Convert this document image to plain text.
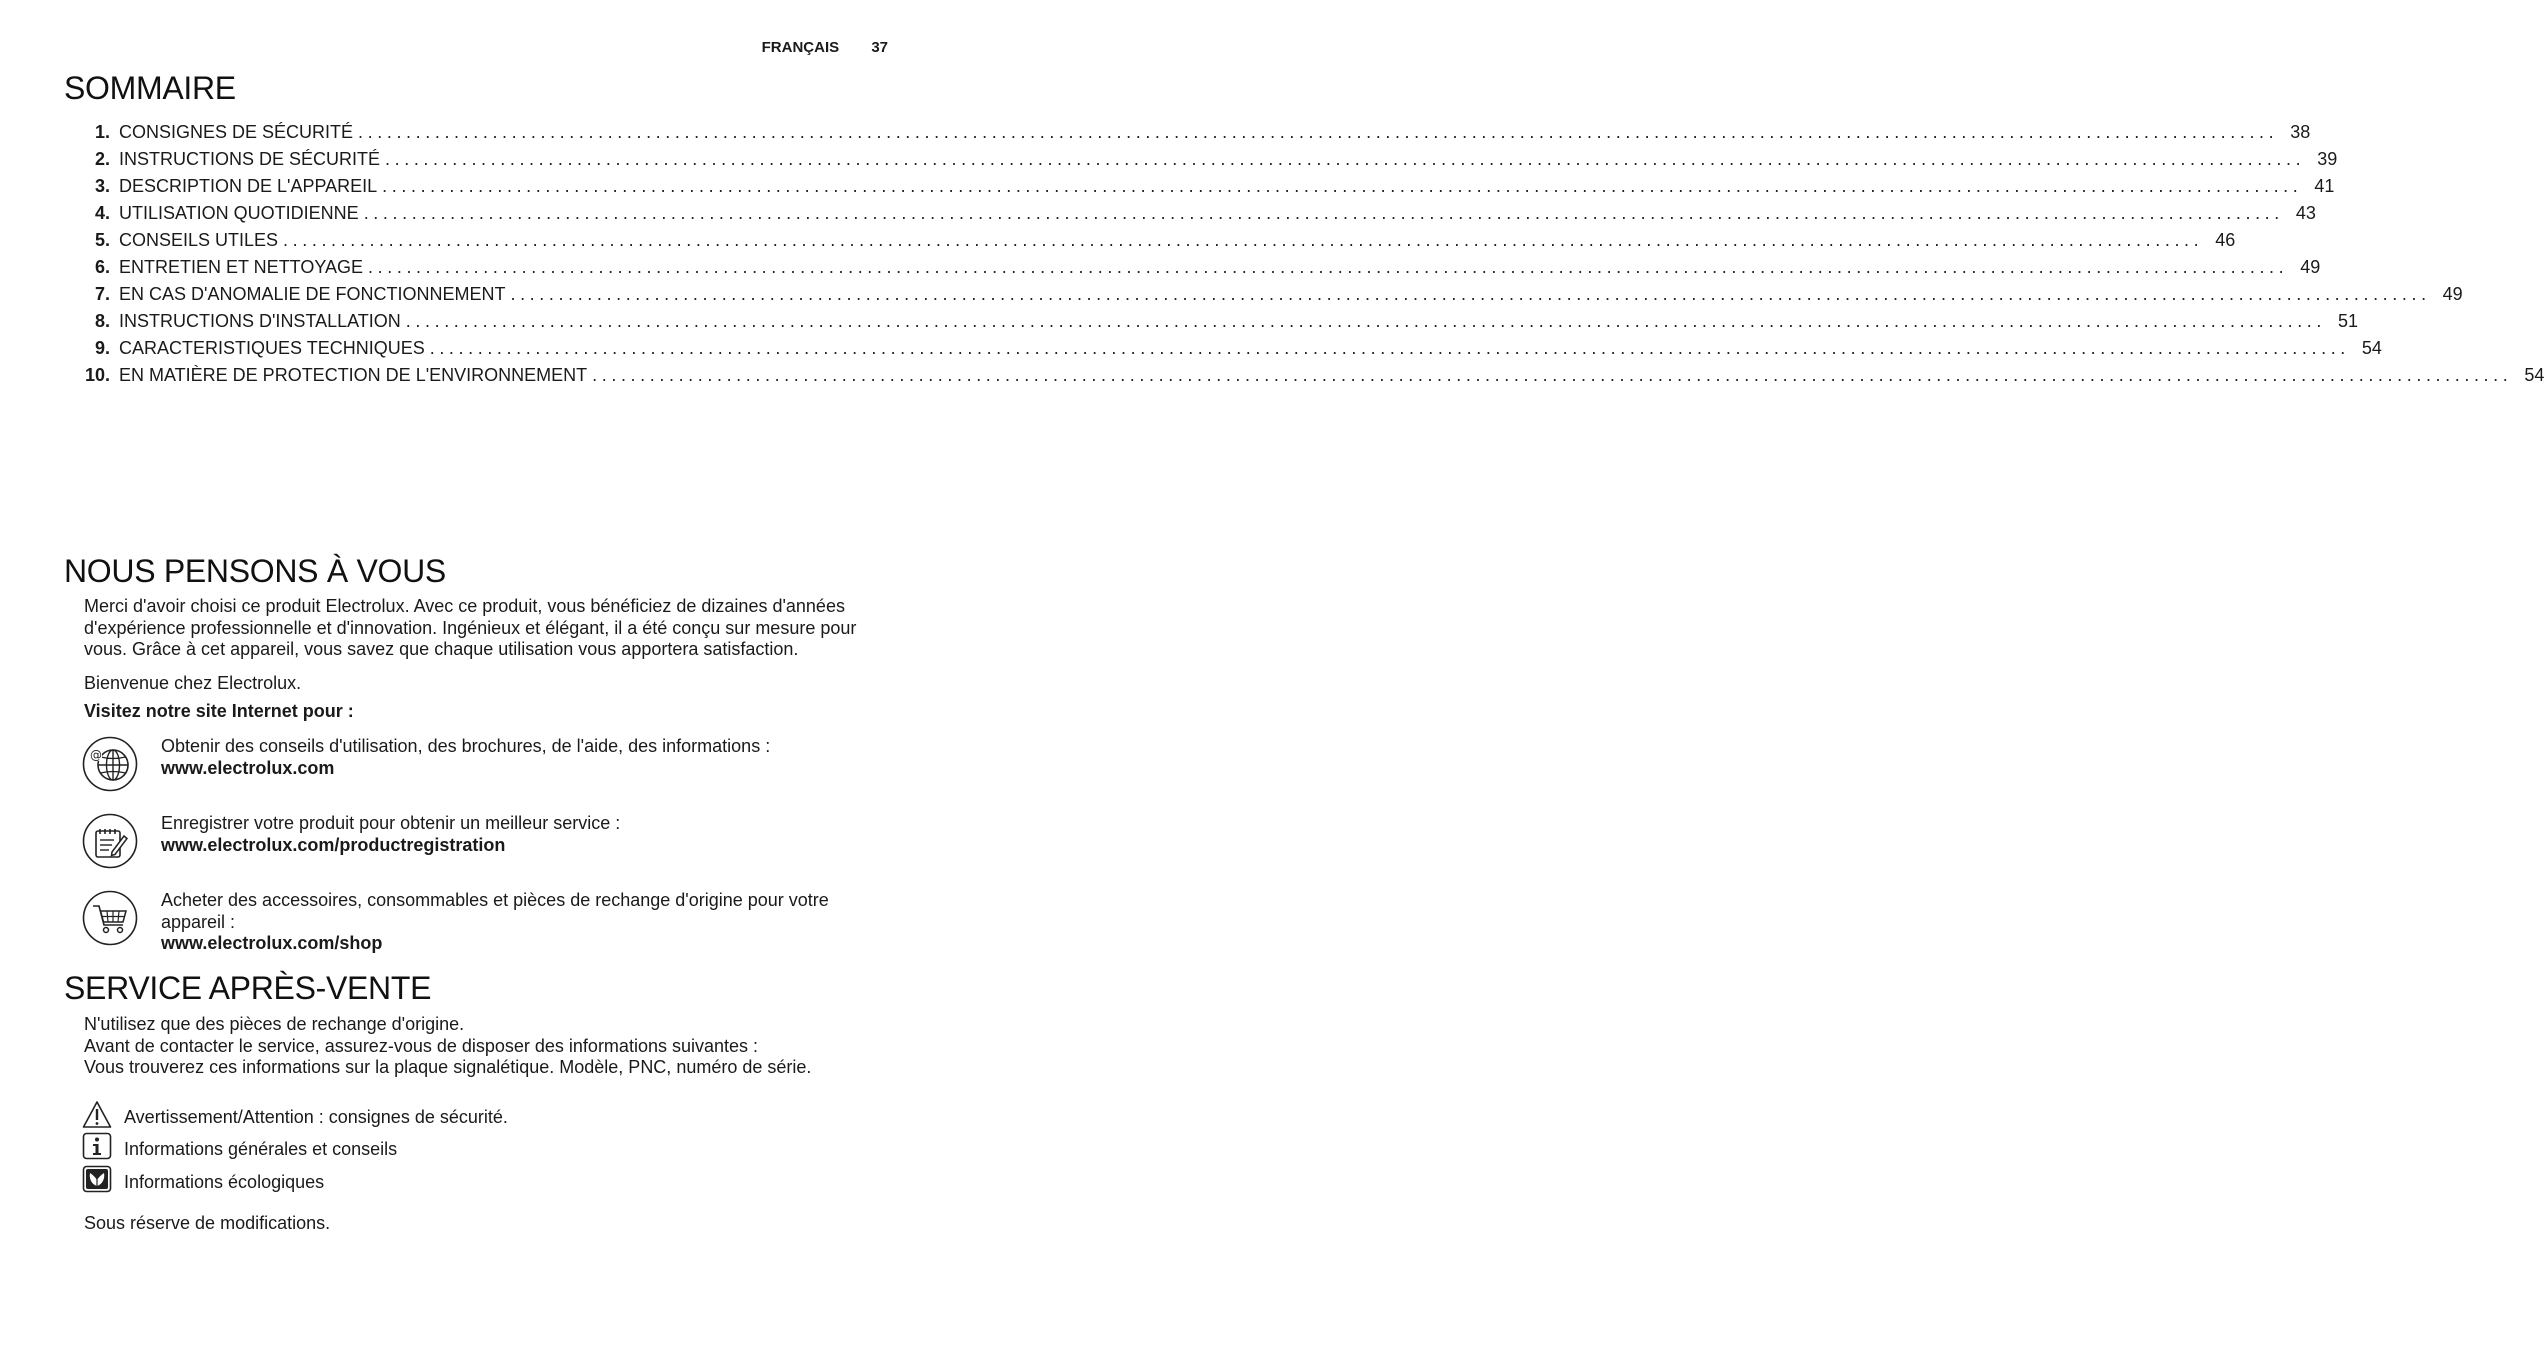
FRANÇAIS 37
SOMMAIRE
1. CONSIGNES DE SÉCURITÉ ........................................................................................................................................................................................................ 38
2. INSTRUCTIONS DE SÉCURITÉ ........................................................................................................................................................................................................ 39
3. DESCRIPTION DE L'APPAREIL ........................................................................................................................................................................................................ 41
4. UTILISATION QUOTIDIENNE ........................................................................................................................................................................................................ 43
5. CONSEILS UTILES ........................................................................................................................................................................................................ 46
6. ENTRETIEN ET NETTOYAGE ........................................................................................................................................................................................................ 49
7. EN CAS D'ANOMALIE DE FONCTIONNEMENT ........................................................................................................................................................................................................ 49
8. INSTRUCTIONS D'INSTALLATION ........................................................................................................................................................................................................ 51
9. CARACTERISTIQUES TECHNIQUES ........................................................................................................................................................................................................ 54
10. EN MATIÈRE DE PROTECTION DE L'ENVIRONNEMENT ........................................................................................................................................................................................................ 54
NOUS PENSONS À VOUS

Merci d'avoir choisi ce produit Electrolux. Avec ce produit, vous bénéficiez de dizaines d'années d'expérience professionnelle et d'innovation. Ingénieux et élégant, il a été conçu sur mesure pour vous. Grâce à cet appareil, vous savez que chaque utilisation vous apportera satisfaction.

Bienvenue chez Electrolux.

Visitez notre site Internet pour :

@	Obtenir des conseils d'utilisation, des brochures, de l'aide, des informations :
www.electrolux.com
Enregistrer votre produit pour obtenir un meilleur service :
www.electrolux.com/productregistration
Acheter des accessoires, consommables et pièces de rechange d'origine pour votre appareil :
www.electrolux.com/shop
SERVICE APRÈS-VENTE
N'utilisez que des pièces de rechange d'origine.
Avant de contacter le service, assurez-vous de disposer des informations suivantes :
Vous trouverez ces informations sur la plaque signalétique. Modèle, PNC, numéro de série.
Avertissement/Attention : consignes de sécurité.
Informations générales et conseils
Informations écologiques

Sous réserve de modifications.
